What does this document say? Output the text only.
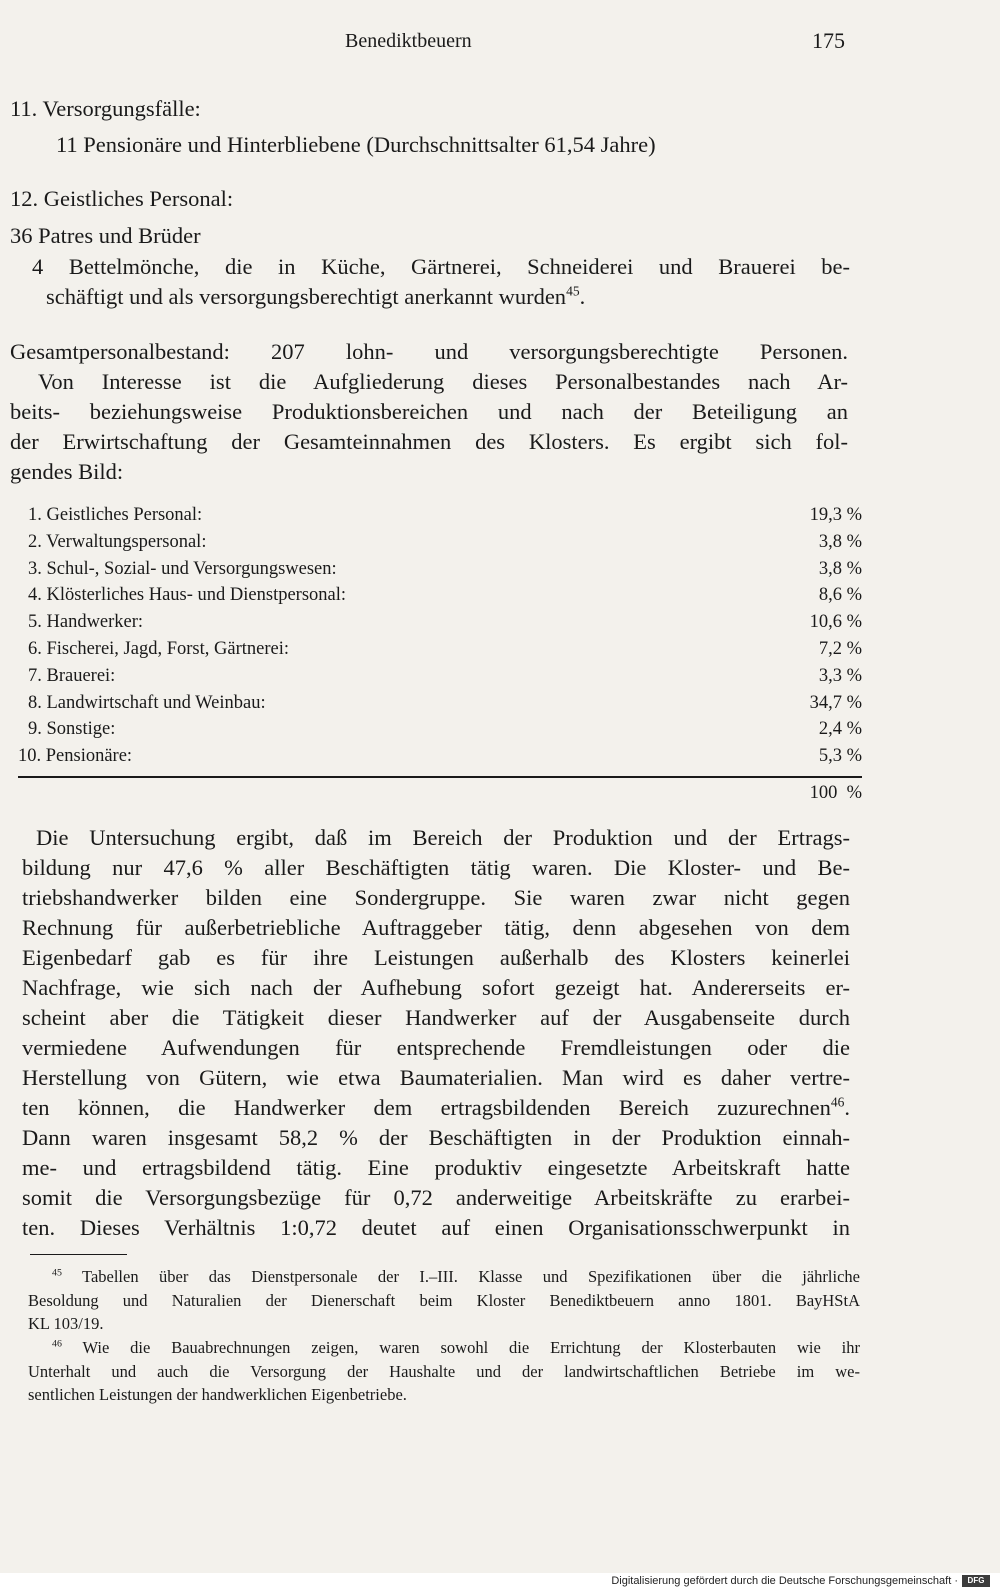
Benediktbeuern	175
11. Versorgungsfälle:
11 Pensionäre und Hinterbliebene (Durchschnittsalter 61,54 Jahre)
12. Geistliches Personal:
36 Patres und Brüder
4 Bettelmönche, die in Küche, Gärtnerei, Schneiderei und Brauerei be-
schäftigt und als versorgungsberechtigt anerkannt wurden$^{45}$.
Gesamtpersonalbestand: 207 lohn- und versorgungsberechtigte Personen.
Von Interesse ist die Aufgliederung dieses Personalbestandes nach Ar-
beits- beziehungsweise Produktionsbereichen und nach der Beteiligung an
der Erwirtschaftung der Gesamteinnahmen des Klosters. Es ergibt sich fol-
gendes Bild:
1. Geistliches Personal:	19,3 %
2. Verwaltungspersonal:	3,8 %
3. Schul-, Sozial- und Versorgungswesen:	3,8 %
4. Klösterliches Haus- und Dienstpersonal:	8,6 %
5. Handwerker:	10,6 %
6. Fischerei, Jagd, Forst, Gärtnerei:	7,2 %
7. Brauerei:	3,3 %
8. Landwirtschaft und Weinbau:	34,7 %
9. Sonstige:	2,4 %
10. Pensionäre:	5,3 %
100  %
Die Untersuchung ergibt, daß im Bereich der Produktion und der Ertrags-
bildung nur 47,6 % aller Beschäftigten tätig waren. Die Kloster- und Be-
triebshandwerker bilden eine Sondergruppe. Sie waren zwar nicht gegen
Rechnung für außerbetriebliche Auftraggeber tätig, denn abgesehen von dem
Eigenbedarf gab es für ihre Leistungen außerhalb des Klosters keinerlei
Nachfrage, wie sich nach der Aufhebung sofort gezeigt hat. Andererseits er-
scheint aber die Tätigkeit dieser Handwerker auf der Ausgabenseite durch
vermiedene Aufwendungen für entsprechende Fremdleistungen oder die
Herstellung von Gütern, wie etwa Baumaterialien. Man wird es daher vertre-
ten können, die Handwerker dem ertragsbildenden Bereich zuzurechnen$^{46}$.
Dann waren insgesamt 58,2 % der Beschäftigten in der Produktion einnah-
me- und ertragsbildend tätig. Eine produktiv eingesetzte Arbeitskraft hatte
somit die Versorgungsbezüge für 0,72 anderweitige Arbeitskräfte zu erarbei-
ten. Dieses Verhältnis 1:0,72 deutet auf einen Organisationsschwerpunkt in
$^{45}$ Tabellen über das Dienstpersonale der I.–III. Klasse und Spezifikationen über die jährliche
Besoldung und Naturalien der Dienerschaft beim Kloster Benediktbeuern anno 1801. BayHStA
KL 103/19.
$^{46}$ Wie die Bauabrechnungen zeigen, waren sowohl die Errichtung der Klosterbauten wie ihr
Unterhalt und auch die Versorgung der Haushalte und der landwirtschaftlichen Betriebe im we-
sentlichen Leistungen der handwerklichen Eigenbetriebe.
Digitalisierung gefördert durch die Deutsche Forschungsgemeinschaft ·	DFG
